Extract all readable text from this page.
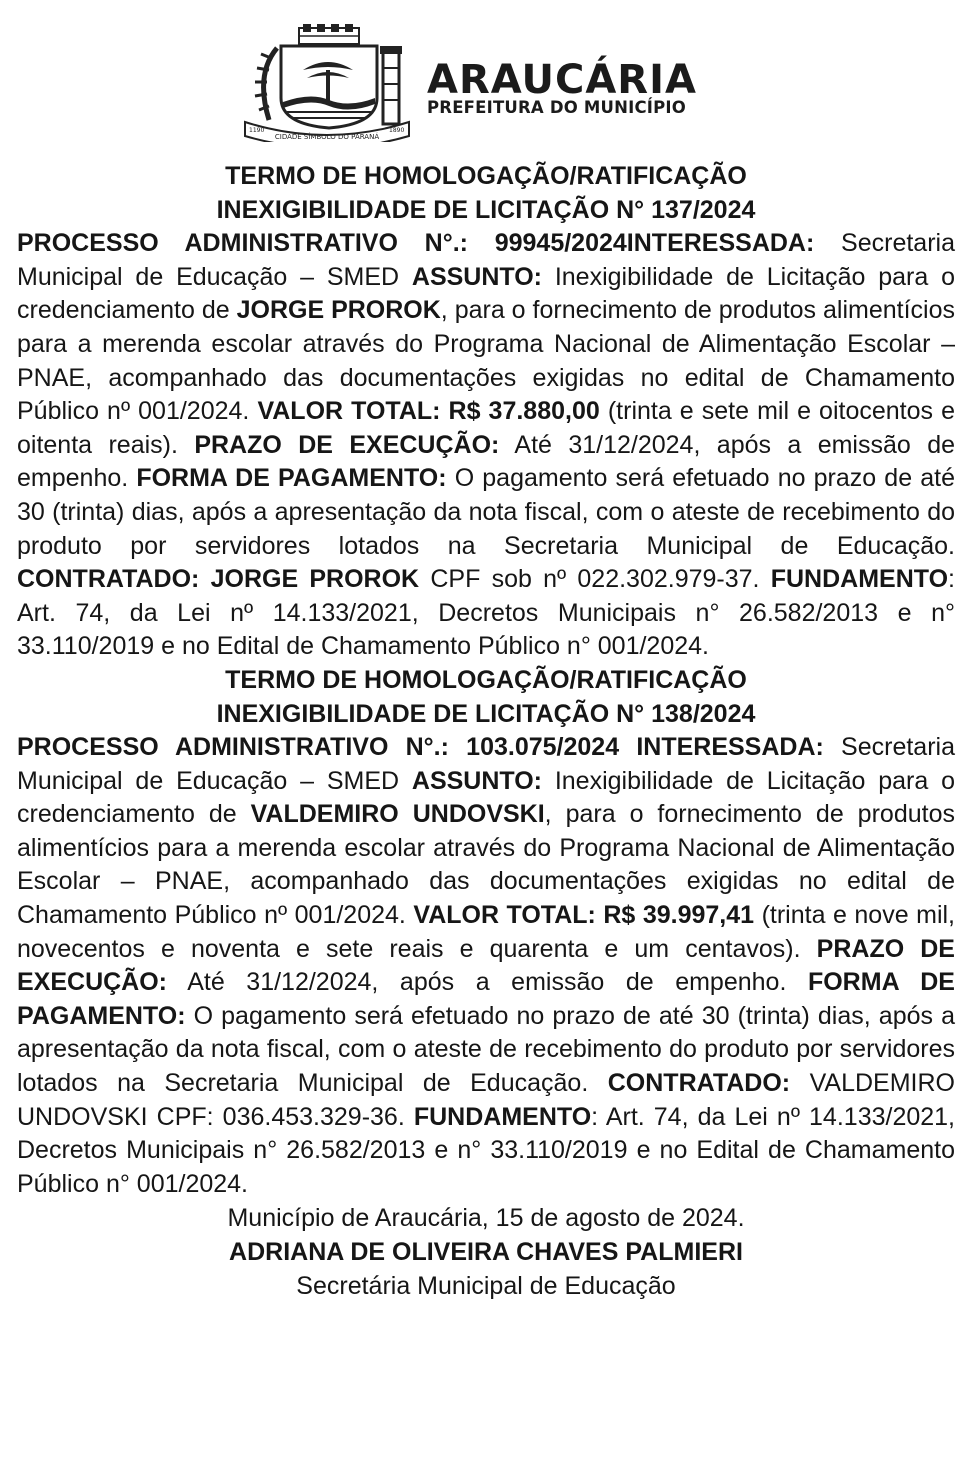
1190
CIDADE SÍMBOLO DO PARANÁ
1890
ARAUCÁRIA
PREFEITURA DO MUNICÍPIO

TERMO DE HOMOLOGAÇÃO/RATIFICAÇÃO

INEXIGIBILIDADE DE LICITAÇÃO N° 137/2024

PROCESSO ADMINISTRATIVO N°.: 99945/2024INTERESSADA: Secretaria Municipal de Educação – SMED ASSUNTO: Inexigibilidade de Licitação para o credenciamento de JORGE PROROK, para o fornecimento de produtos alimentícios para a merenda escolar através do Programa Nacional de Alimentação Escolar – PNAE, acompanhado das documentações exigidas no edital de Chamamento Público nº 001/2024. VALOR TOTAL: R$ 37.880,00 (trinta e sete mil e oitocentos e oitenta reais). PRAZO DE EXECUÇÃO: Até 31/12/2024, após a emissão de empenho. FORMA DE PAGAMENTO: O pagamento será efetuado no prazo de até 30 (trinta) dias, após a apresentação da nota fiscal, com o ateste de recebimento do produto por servidores lotados na Secretaria Municipal de Educação. CONTRATADO: JORGE PROROK CPF sob nº 022.302.979-37. FUNDAMENTO: Art. 74, da Lei nº 14.133/2021, Decretos Municipais n° 26.582/2013 e n° 33.110/2019 e no Edital de Chamamento Público n° 001/2024.

TERMO DE HOMOLOGAÇÃO/RATIFICAÇÃO

INEXIGIBILIDADE DE LICITAÇÃO N° 138/2024

PROCESSO ADMINISTRATIVO N°.: 103.075/2024 INTERESSADA: Secretaria Municipal de Educação – SMED ASSUNTO: Inexigibilidade de Licitação para o credenciamento de VALDEMIRO UNDOVSKI, para o fornecimento de produtos alimentícios para a merenda escolar através do Programa Nacional de Alimentação Escolar – PNAE, acompanhado das documentações exigidas no edital de Chamamento Público nº 001/2024. VALOR TOTAL: R$ 39.997,41 (trinta e nove mil, novecentos e noventa e sete reais e quarenta e um centavos). PRAZO DE EXECUÇÃO: Até 31/12/2024, após a emissão de empenho. FORMA DE PAGAMENTO: O pagamento será efetuado no prazo de até 30 (trinta) dias, após a apresentação da nota fiscal, com o ateste de recebimento do produto por servidores lotados na Secretaria Municipal de Educação. CONTRATADO: VALDEMIRO UNDOVSKI CPF: 036.453.329-36. FUNDAMENTO: Art. 74, da Lei nº 14.133/2021, Decretos Municipais n° 26.582/2013 e n° 33.110/2019 e no Edital de Chamamento Público n° 001/2024.

Município de Araucária, 15 de agosto de 2024.

ADRIANA DE OLIVEIRA CHAVES PALMIERI

Secretária Municipal de Educação
